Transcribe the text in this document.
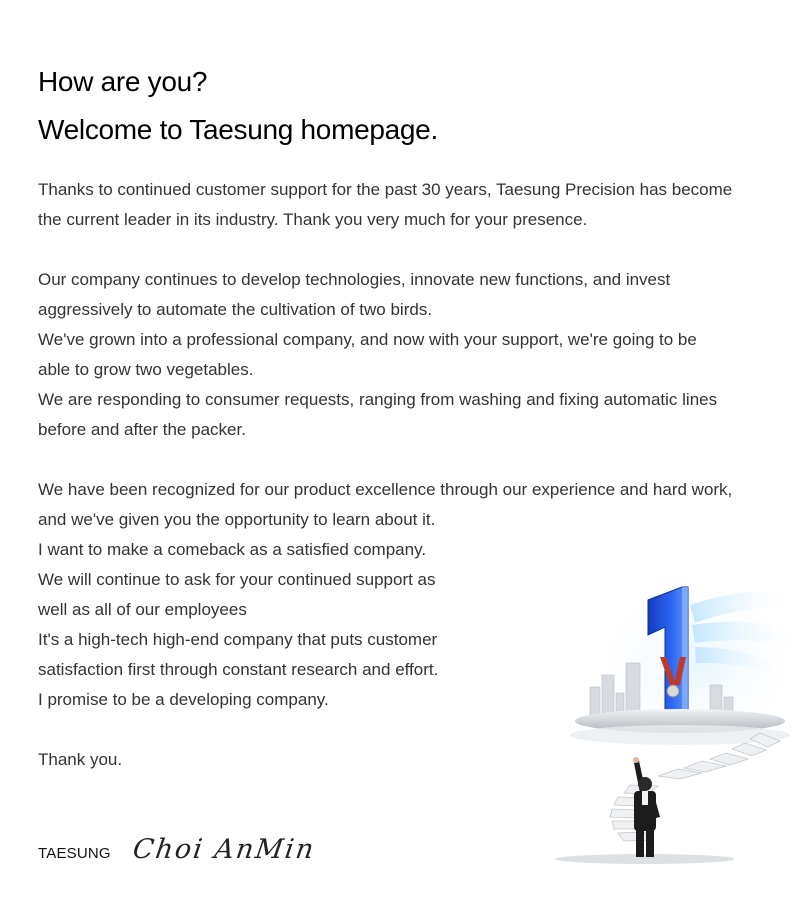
How are you?
Welcome to Taesung homepage.

Thanks to continued customer support for the past 30 years, Taesung Precision has become
the current leader in its industry. Thank you very much for your presence.

Our company continues to develop technologies, innovate new functions, and invest
aggressively to automate the cultivation of two birds.
We've grown into a professional company, and now with your support, we're going to be
able to grow two vegetables.
We are responding to consumer requests, ranging from washing and fixing automatic lines
before and after the packer.

We have been recognized for our product excellence through our experience and hard work,
and we've given you the opportunity to learn about it.
I want to make a comeback as a satisfied company.
We will continue to ask for your continued support as
well as all of our employees
It's a high-tech high-end company that puts customer
satisfaction first through constant research and effort.
I promise to be a developing company.

Thank you.

TAESUNG Choi AnMin
